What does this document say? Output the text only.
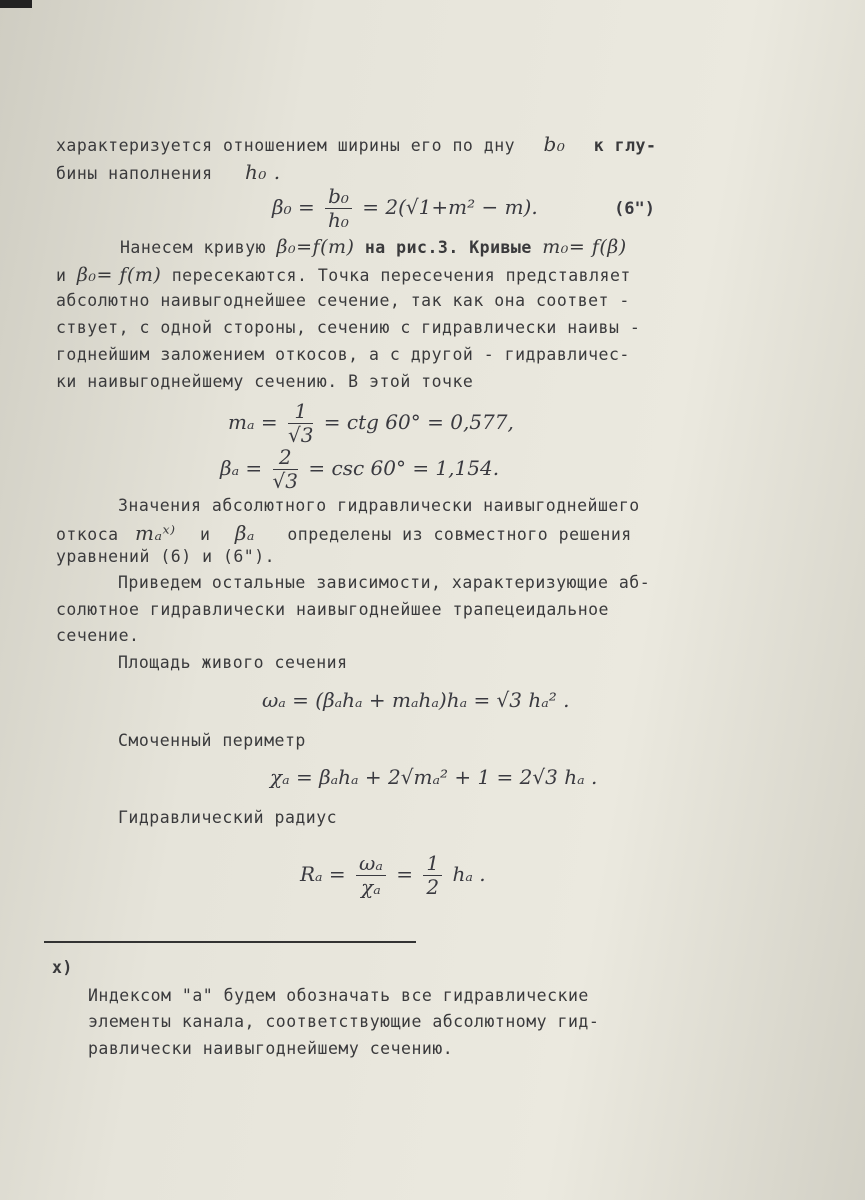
характеризуется отношением ширины его по дну b₀ к глу-
бины наполнения h₀ .
$\beta_0 = \frac{\text{b₀}}{\text{h₀}} = 2(√1+m^2 - m)$.	(6")
Нанесем кривую β₀=f(m) на рис.3. Кривые m₀= f(β)
и β₀= f(m) пересекаются. Точка пересечения представляет
абсолютно наивыгоднейшее сечение, так как она соответ -
ствует, с одной стороны, сечению с гидравлически наивы -
годнейшим заложением откосов, а с другой - гидравличес-
ки наивыгоднейшему сечению. В этой точке
$m_a = \frac{1}{√3}$ = ctg 60° = 0,577,
$\beta_a = \frac{2}{√3} = \csc 60^\circ = 1,154$.
Значения абсолютного гидравлически наивыгоднейшего
откоса mₐˣ⁾ и βₐ определены из совместного решения
уравнений (6) и (6").
Приведем остальные зависимости, характеризующие аб-
солютное гидравлически наивыгоднейшее трапецеидальное
сечение.
Площадь живого сечения
ωₐ = (βₐhₐ + mₐhₐ)hₐ = √3 hₐ² .
Смоченный периметр
χₐ = βₐhₐ + 2√mₐ² + 1 = 2√3 hₐ .
Гидравлический радиус
$R_a = \frac{\text{ωₐ}}{\text{χₐ}} = \frac{1}{2}$ hₐ .
x)
Индексом "а" будем обозначать все гидравлические
элементы канала, соответствующие абсолютному гид-
равлически наивыгоднейшему сечению.
